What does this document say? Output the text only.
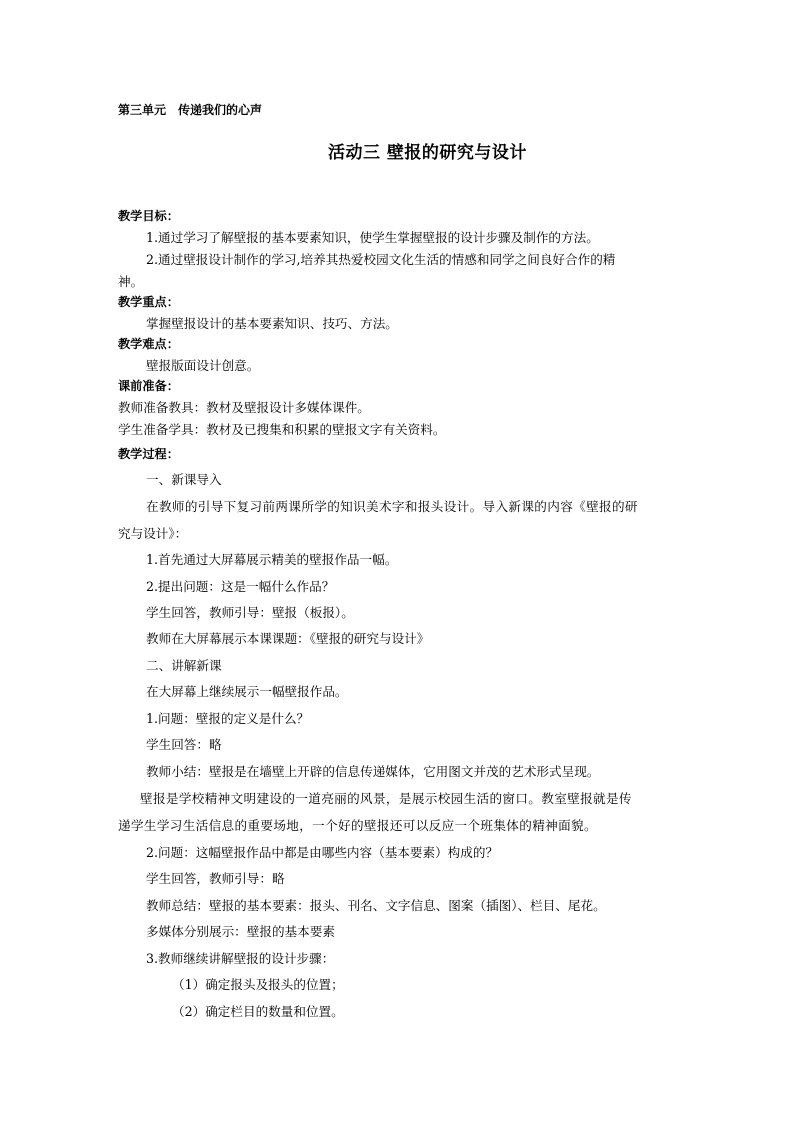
第三单元 传递我们的心声
活动三 壁报的研究与设计
教学目标：
1.通过学习了解壁报的基本要素知识，使学生掌握壁报的设计步骤及制作的方法。
2.通过壁报设计制作的学习,培养其热爱校园文化生活的情感和同学之间良好合作的精
神。
教学重点：
掌握壁报设计的基本要素知识、技巧、方法。
教学难点：
壁报版面设计创意。
课前准备：
教师准备教具：教材及壁报设计多媒体课件。
学生准备学具：教材及已搜集和积累的壁报文字有关资料。
教学过程：
一、新课导入
在教师的引导下复习前两课所学的知识美术字和报头设计。导入新课的内容《壁报的研
究与设计》：
1.首先通过大屏幕展示精美的壁报作品一幅。
2.提出问题：这是一幅什么作品？
学生回答，教师引导：壁报（板报）。
教师在大屏幕展示本课课题：《壁报的研究与设计》
二、讲解新课
在大屏幕上继续展示一幅壁报作品。
1.问题：壁报的定义是什么？
学生回答：略
教师小结：壁报是在墙壁上开辟的信息传递媒体，它用图文并茂的艺术形式呈现。
壁报是学校精神文明建设的一道亮丽的风景，是展示校园生活的窗口。教室壁报就是传
递学生学习生活信息的重要场地，一个好的壁报还可以反应一个班集体的精神面貌。
2.问题：这幅壁报作品中都是由哪些内容（基本要素）构成的？
学生回答，教师引导：略
教师总结：壁报的基本要素：报头、刊名、文字信息、图案（插图）、栏目、尾花。
多媒体分别展示：壁报的基本要素
3.教师继续讲解壁报的设计步骤：
（1）确定报头及报头的位置；
（2）确定栏目的数量和位置。
